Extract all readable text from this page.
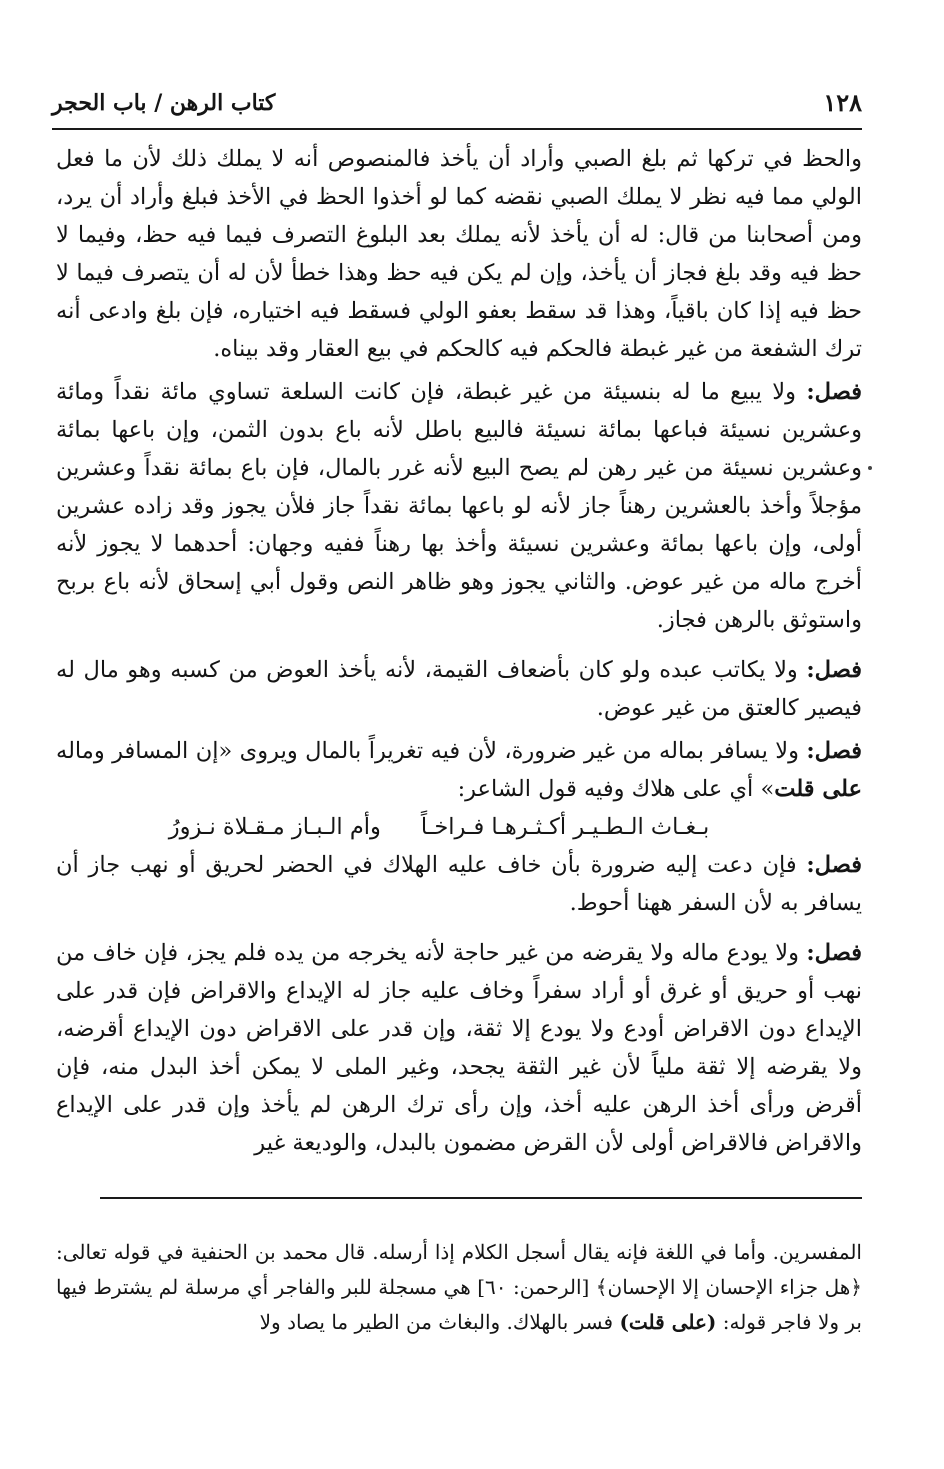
١٢٨
كتاب الرهن / باب الحجر

والحظ في تركها ثم بلغ الصبي وأراد أن يأخذ فالمنصوص أنه لا يملك ذلك لأن ما فعل الولي مما فيه نظر لا يملك الصبي نقضه كما لو أخذوا الحظ في الأخذ فبلغ وأراد أن يرد، ومن أصحابنا من قال: له أن يأخذ لأنه يملك بعد البلوغ التصرف فيما فيه حظ، وفيما لا حظ فيه وقد بلغ فجاز أن يأخذ، وإن لم يكن فيه حظ وهذا خطأ لأن له أن يتصرف فيما لا حظ فيه إذا كان باقياً، وهذا قد سقط بعفو الولي فسقط فيه اختياره، فإن بلغ وادعى أنه ترك الشفعة من غير غبطة فالحكم فيه كالحكم في بيع العقار وقد بيناه.

فصل: ولا يبيع ما له بنسيئة من غير غبطة، فإن كانت السلعة تساوي مائة نقداً ومائة وعشرين نسيئة فباعها بمائة نسيئة فالبيع باطل لأنه باع بدون الثمن، وإن باعها بمائة وعشرين نسيئة من غير رهن لم يصح البيع لأنه غرر بالمال، فإن باع بمائة نقداً وعشرين مؤجلاً وأخذ بالعشرين رهناً جاز لأنه لو باعها بمائة نقداً جاز فلأن يجوز وقد زاده عشرين أولى، وإن باعها بمائة وعشرين نسيئة وأخذ بها رهناً ففيه وجهان: أحدهما لا يجوز لأنه أخرج ماله من غير عوض. والثاني يجوز وهو ظاهر النص وقول أبي إسحاق لأنه باع بربح واستوثق بالرهن فجاز.

فصل: ولا يكاتب عبده ولو كان بأضعاف القيمة، لأنه يأخذ العوض من كسبه وهو مال له فيصير كالعتق من غير عوض.

فصل: ولا يسافر بماله من غير ضرورة، لأن فيه تغريراً بالمال ويروى «إن المسافر وماله على قلت» أي على هلاك وفيه قول الشاعر:

بـغـاث الـطـيـر أكـثـرهـا فـراخـاً
وأم الـبـاز مـقـلاة نـزورُ

فصل: فإن دعت إليه ضرورة بأن خاف عليه الهلاك في الحضر لحريق أو نهب جاز أن يسافر به لأن السفر ههنا أحوط.

فصل: ولا يودع ماله ولا يقرضه من غير حاجة لأنه يخرجه من يده فلم يجز، فإن خاف من نهب أو حريق أو غرق أو أراد سفراً وخاف عليه جاز له الإيداع والاقراض فإن قدر على الإيداع دون الاقراض أودع ولا يودع إلا ثقة، وإن قدر على الاقراض دون الإيداع أقرضه، ولا يقرضه إلا ثقة ملياً لأن غير الثقة يجحد، وغير الملى لا يمكن أخذ البدل منه، فإن أقرض ورأى أخذ الرهن عليه أخذ، وإن رأى ترك الرهن لم يأخذ وإن قدر على الإيداع والاقراض فالاقراض أولى لأن القرض مضمون بالبدل، والوديعة غير

المفسرين. وأما في اللغة فإنه يقال أسجل الكلام إذا أرسله. قال محمد بن الحنفية في قوله تعالى: ﴿هل جزاء الإحسان إلا الإحسان﴾ [الرحمن: ٦٠] هي مسجلة للبر والفاجر أي مرسلة لم يشترط فيها بر ولا فاجر قوله: (على قلت) فسر بالهلاك. والبغاث من الطير ما يصاد ولا
